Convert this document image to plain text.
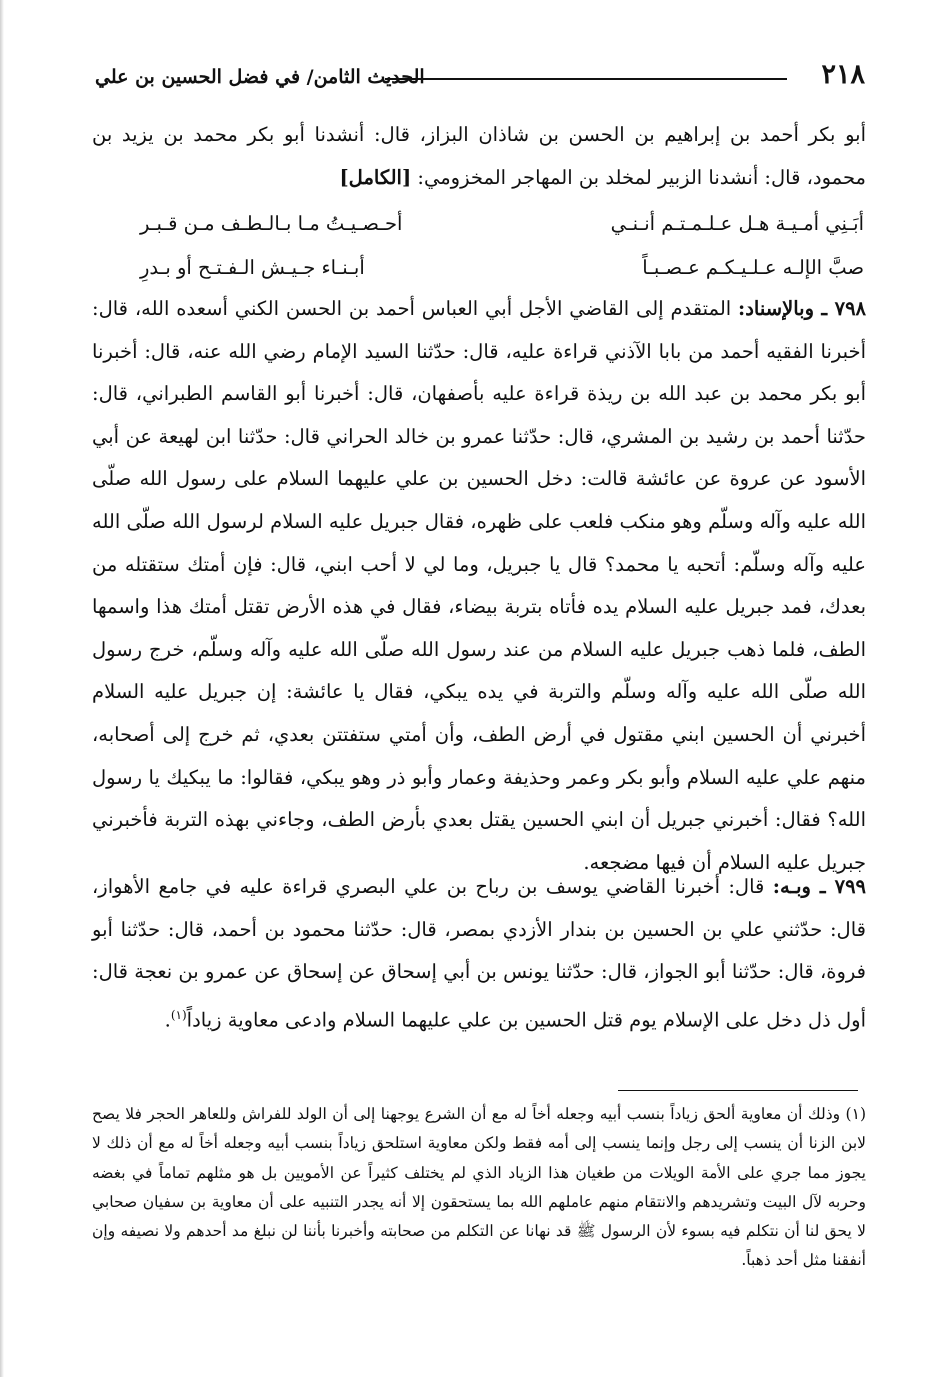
٢١٨
الحديث الثامن/ في فضل الحسين بن علي
أبو بكر أحمد بن إبراهيم بن الحسن بن شاذان البزاز، قال: أنشدنا أبو بكر محمد بن يزيد بن محمود، قال: أنشدنا الزبير لمخلد بن المهاجر المخزومي: [الكامل]
أبَـنِي أمـيـة هـل عـلـمـتـم أنـنـي
أحـصـيـتُ مـا بـالـطـف مـن قـبـر
صبَّ الإلـه عـلـيـكـم عـصـبـاً
أبـنـاء جـيـش الـفـتـح أو بـدرِ
٧٩٨ ـ وبالإسناد: المتقدم إلى القاضي الأجل أبي العباس أحمد بن الحسن الكني أسعده الله، قال: أخبرنا الفقيه أحمد من بابا الآذني قراءة عليه، قال: حدّثنا السيد الإمام رضي الله عنه، قال: أخبرنا أبو بكر محمد بن عبد الله بن ريذة قراءة عليه بأصفهان، قال: أخبرنا أبو القاسم الطبراني، قال: حدّثنا أحمد بن رشيد بن المشري، قال: حدّثنا عمرو بن خالد الحراني قال: حدّثنا ابن لهيعة عن أبي الأسود عن عروة عن عائشة قالت: دخل الحسين بن علي عليهما السلام على رسول الله صلّى الله عليه وآله وسلّم وهو منكب فلعب على ظهره، فقال جبريل عليه السلام لرسول الله صلّى الله عليه وآله وسلّم: أتحبه يا محمد؟ قال يا جبريل، وما لي لا أحب ابني، قال: فإن أمتك ستقتله من بعدك، فمد جبريل عليه السلام يده فأتاه بتربة بيضاء، فقال في هذه الأرض تقتل أمتك هذا واسمها الطف، فلما ذهب جبريل عليه السلام من عند رسول الله صلّى الله عليه وآله وسلّم، خرج رسول الله صلّى الله عليه وآله وسلّم والتربة في يده يبكي، فقال يا عائشة: إن جبريل عليه السلام أخبرني أن الحسين ابني مقتول في أرض الطف، وأن أمتي ستفتتن بعدي، ثم خرج إلى أصحابه، منهم علي عليه السلام وأبو بكر وعمر وحذيفة وعمار وأبو ذر وهو يبكي، فقالوا: ما يبكيك يا رسول الله؟ فقال: أخبرني جبريل أن ابني الحسين يقتل بعدي بأرض الطف، وجاءني بهذه التربة فأخبرني جبريل عليه السلام أن فيها مضجعه.
٧٩٩ ـ وبـه: قال: أخبرنا القاضي يوسف بن رباح بن علي البصري قراءة عليه في جامع الأهواز، قال: حدّثني علي بن الحسين بن بندار الأزدي بمصر، قال: حدّثنا محمود بن أحمد، قال: حدّثنا أبو فروة، قال: حدّثنا أبو الجواز، قال: حدّثنا يونس بن أبي إسحاق عن إسحاق عن عمرو بن نعجة قال: أول ذل دخل على الإسلام يوم قتل الحسين بن علي عليهما السلام وادعى معاوية زياداً$^{(١)}$.
(١) وذلك أن معاوية ألحق زياداً بنسب أبيه وجعله أخاً له مع أن الشرع يوجهنا إلى أن الولد للفراش وللعاهر الحجر فلا يصح لابن الزنا أن ينسب إلى رجل وإنما ينسب إلى أمه فقط ولكن معاوية استلحق زياداً بنسب أبيه وجعله أخاً له مع أن ذلك لا يجوز مما جري على الأمة الويلات من طغيان هذا الزياد الذي لم يختلف كثيراً عن الأمويين بل هو مثلهم تماماً في بغضه وحربه لآل البيت وتشريدهم والانتقام منهم عاملهم الله بما يستحقون إلا أنه يجدر التنبيه على أن معاوية بن سفيان صحابي لا يحق لنا أن نتكلم فيه بسوء لأن الرسول ﷺ قد نهانا عن التكلم من صحابته وأخبرنا بأننا لن نبلغ مد أحدهم ولا نصيفه وإن أنفقنا مثل أحد ذهباً.
